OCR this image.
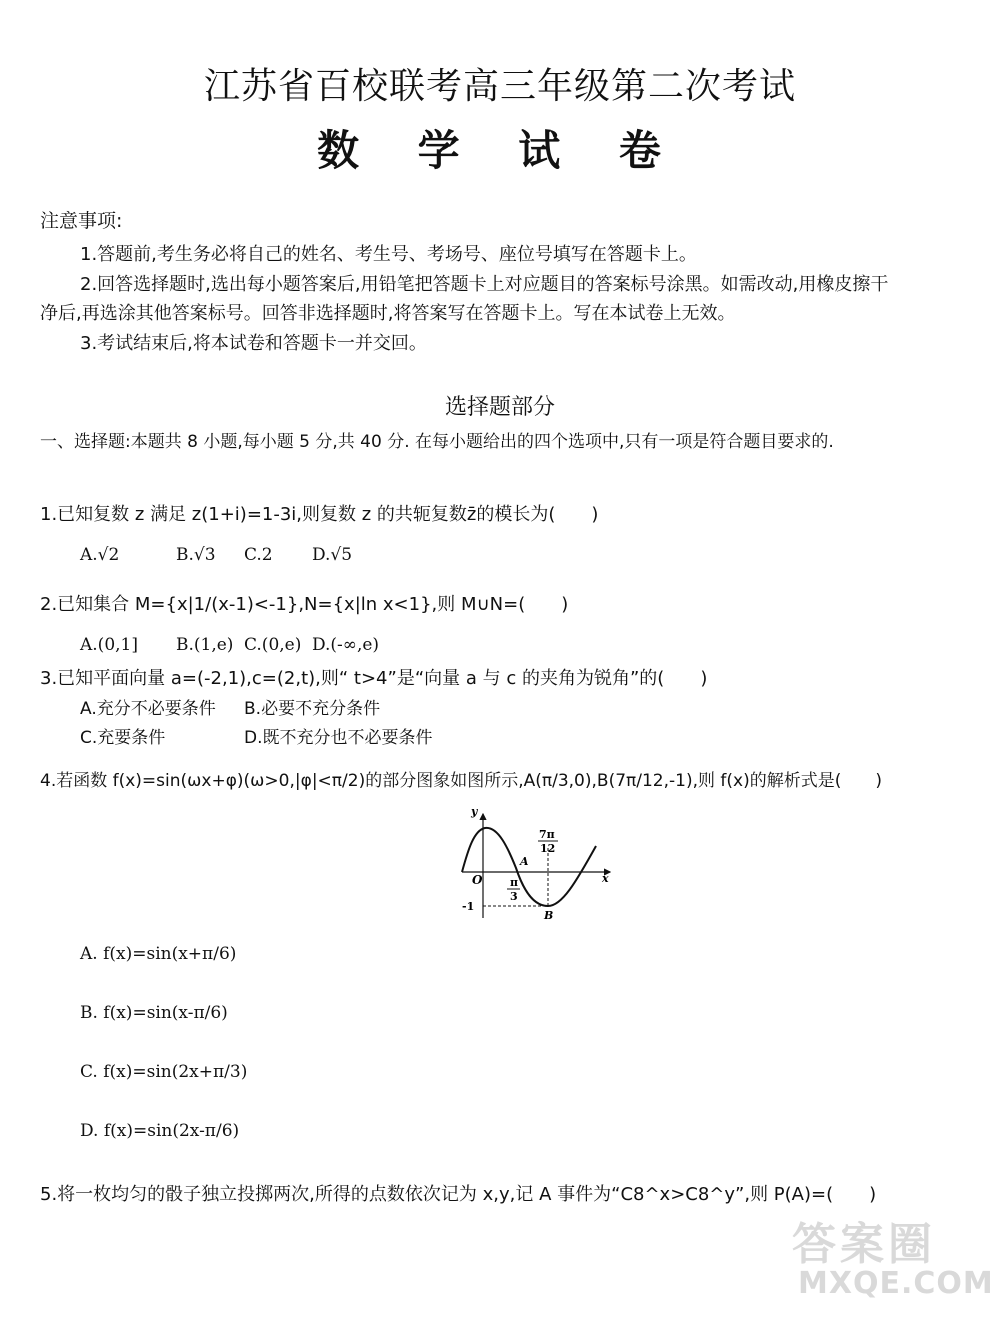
江苏省百校联考高三年级第二次考试
数 学 试 卷
注意事项:
1.答题前,考生务必将自己的姓名、考生号、考场号、座位号填写在答题卡上。
2.回答选择题时,选出每小题答案后,用铅笔把答题卡上对应题目的答案标号涂黑。如需改动,用橡皮擦干
净后,再选涂其他答案标号。回答非选择题时,将答案写在答题卡上。写在本试卷上无效。
3.考试结束后,将本试卷和答题卡一并交回。
选择题部分
一、选择题:本题共 8 小题,每小题 5 分,共 40 分. 在每小题给出的四个选项中,只有一项是符合题目要求的.
1.已知复数 z 满足 z(1+i)=1-3i,则复数 z 的共轭复数z̄的模长为(　　)
A.√2	B.√3 C.2 D.√5
2.已知集合 M={x|1/(x-1)<-1},N={x|ln x<1},则 M∪N=(　　)
A.(0,1] B.(1,e) C.(0,e) D.(-∞,e)
3.已知平面向量 a=(-2,1),c=(2,t),则“ t>4”是“向量 a 与 c 的夹角为锐角”的(　　)
A.充分不必要条件 B.必要不充分条件
C.充要条件	D.既不充分也不必要条件
4.若函数 f(x)=sin(ωx+φ)(ω>0,|φ|<π/2)的部分图象如图所示,A(π/3,0),B(7π/12,-1),则 f(x)的解析式是(　　)
y
x
O
A
B
-1
π
3
7π
12
A. f(x)=sin(x+π/6)
B. f(x)=sin(x-π/6)
C. f(x)=sin(2x+π/3)
D. f(x)=sin(2x-π/6)
5.将一枚均匀的骰子独立投掷两次,所得的点数依次记为 x,y,记 A 事件为“C8^x>C8^y”,则 P(A)=(　　)
答案圈
MXQE.COM
